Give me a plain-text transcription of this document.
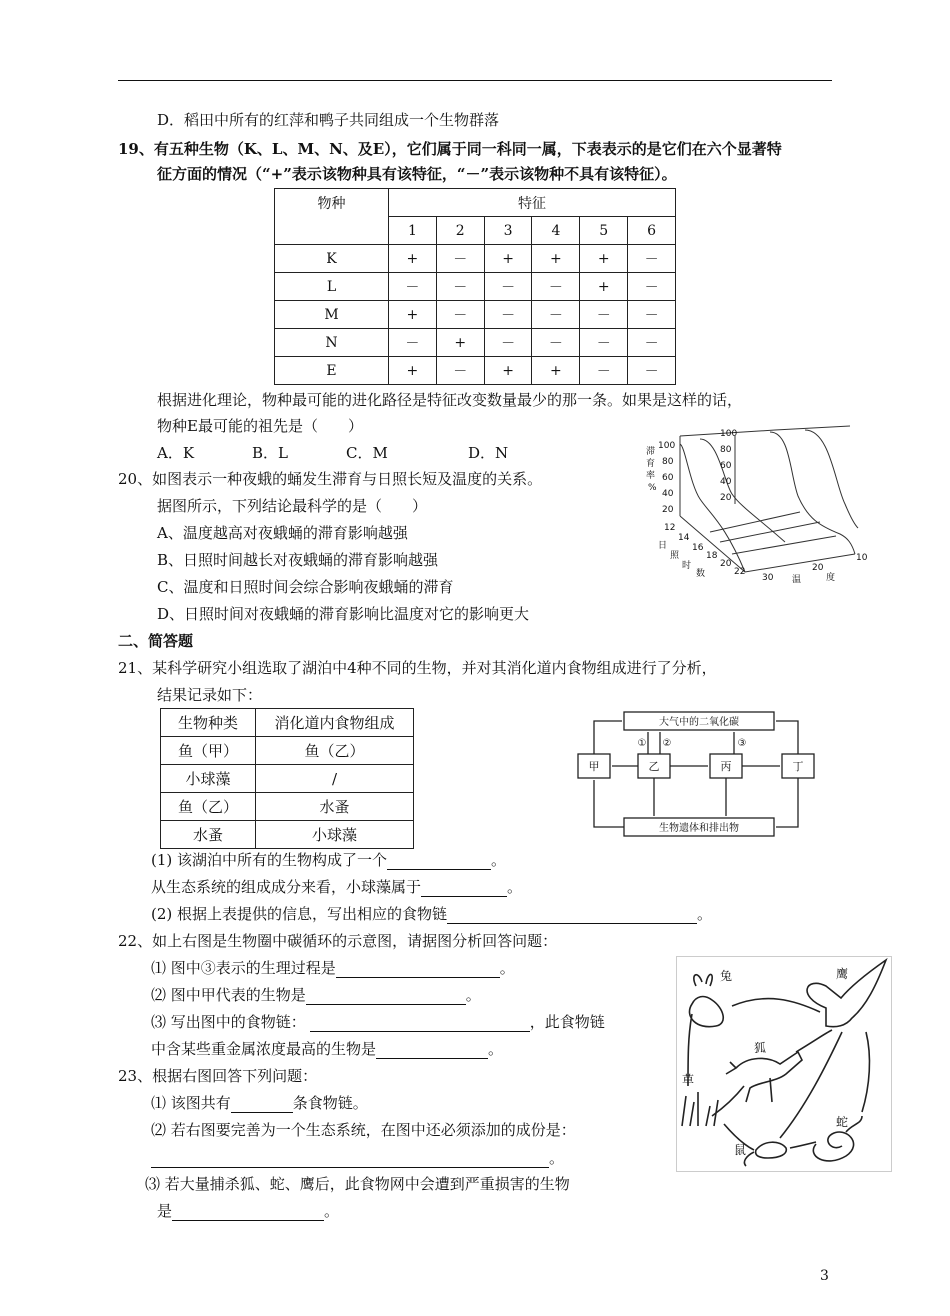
D．稻田中所有的红萍和鸭子共同组成一个生物群落
19、有五种生物（K、L、M、N、及E），它们属于同一科同一属，下表表示的是它们在六个显著特
征方面的情况（“+”表示该物种具有该特征，“－”表示该物种不具有该特征）。
物种	特征					
	1	2	3	4	5	6
K	+	－	+	+	+	－
L	－	－	－	－	+	－
M	+	－	－	－	－	－
N	－	+	－	－	－	－
E	+	－	+	+	－	－
根据进化理论，物种最可能的进化路径是特征改变数量最少的那一条。如果是这样的话，
物种E最可能的祖先是（　　）
A．K	B．L	C．M	D．N
20、如图表示一种夜蛾的蛹发生滞育与日照长短及温度的关系。
据图所示，下列结论最科学的是（　　）
A、温度越高对夜蛾蛹的滞育影响越强
B、日照时间越长对夜蛾蛹的滞育影响越强
C、温度和日照时间会综合影响夜蛾蛹的滞育
D、日照时间对夜蛾蛹的滞育影响比温度对它的影响更大
滞
育
率
%
100
80
60
40
20
100
80
60
40
20
12
14
16
18
20
22
日
照
时
数
10
20
30 温	度
二、简答题
21、某科学研究小组选取了湖泊中4种不同的生物，并对其消化道内食物组成进行了分析，
结果记录如下：
生物种类	消化道内食物组成
鱼（甲）	鱼（乙）
小球藻	/
鱼（乙）	水蚤
水蚤	小球藻
大气中的二氧化碳
生物遗体和排出物
甲	乙	丙	丁
① ②	③
(1) 该湖泊中所有的生物构成了一个	。
从生态系统的组成成分来看，小球藻属于	。
(2) 根据上表提供的信息，写出相应的食物链	。
22、如上右图是生物圈中碳循环的示意图，请据图分析回答问题：
⑴ 图中③表示的生理过程是	。
⑵ 图中甲代表的生物是	。
⑶ 写出图中的食物链：	，此食物链
中含某些重金属浓度最高的生物是	。
23、根据右图回答下列问题：
⑴ 该图共有	条食物链。
⑵ 若右图要完善为一个生态系统，在图中还必须添加的成份是：
。
⑶ 若大量捕杀狐、蛇、鹰后，此食物网中会遭到严重损害的生物
是	。
兔	鹰
狐
草
蛇
鼠
3
